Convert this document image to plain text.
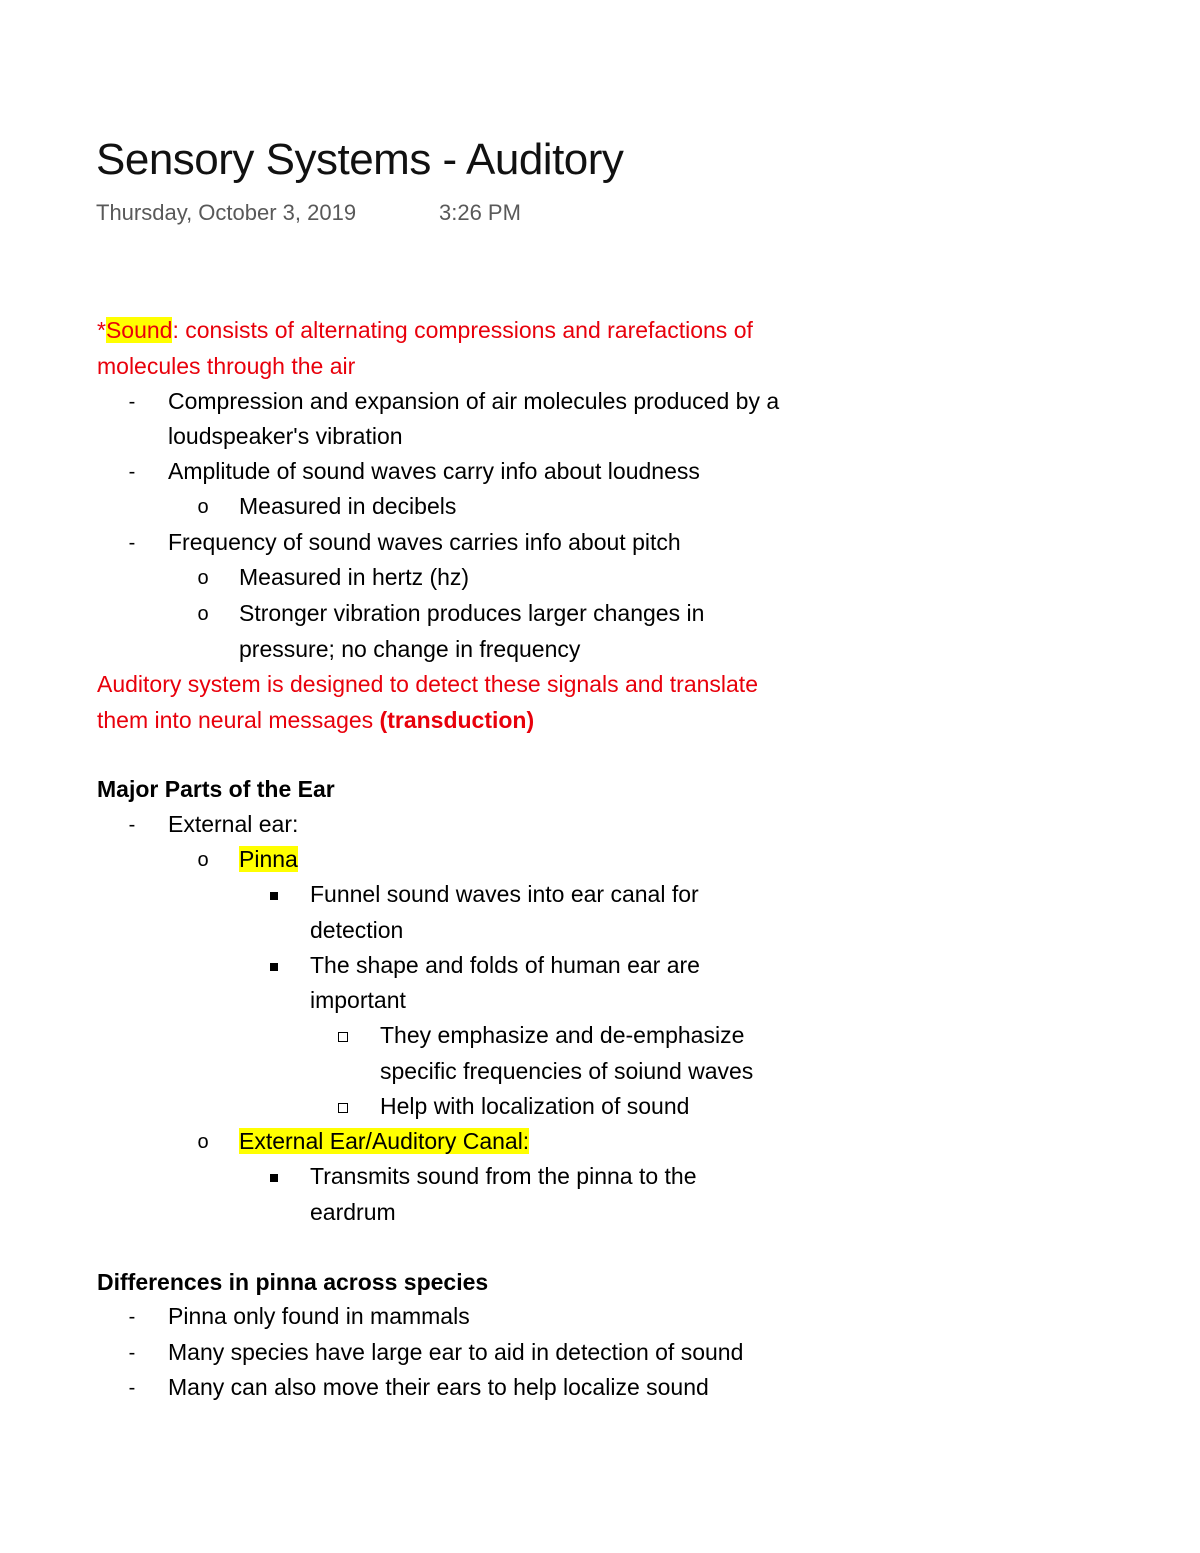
Sensory Systems - Auditory
Thursday, October 3, 2019	3:26 PM
*Sound: consists of alternating compressions and rarefactions of
molecules through the air
-	Compression and expansion of air molecules produced by a
loudspeaker's vibration
-	Amplitude of sound waves carry info about loudness
o Measured in decibels
-	Frequency of sound waves carries info about pitch
o Measured in hertz (hz)
o Stronger vibration produces larger changes in
pressure; no change in frequency
Auditory system is designed to detect these signals and translate
them into neural messages (transduction)
Major Parts of the Ear
-	External ear:
o Pinna
Funnel sound waves into ear canal for
detection
The shape and folds of human ear are
important
They emphasize and de-emphasize
specific frequencies of soiund waves
Help with localization of sound
o External Ear/Auditory Canal:
Transmits sound from the pinna to the
eardrum
Differences in pinna across species
-	Pinna only found in mammals
-	Many species have large ear to aid in detection of sound
-	Many can also move their ears to help localize sound
